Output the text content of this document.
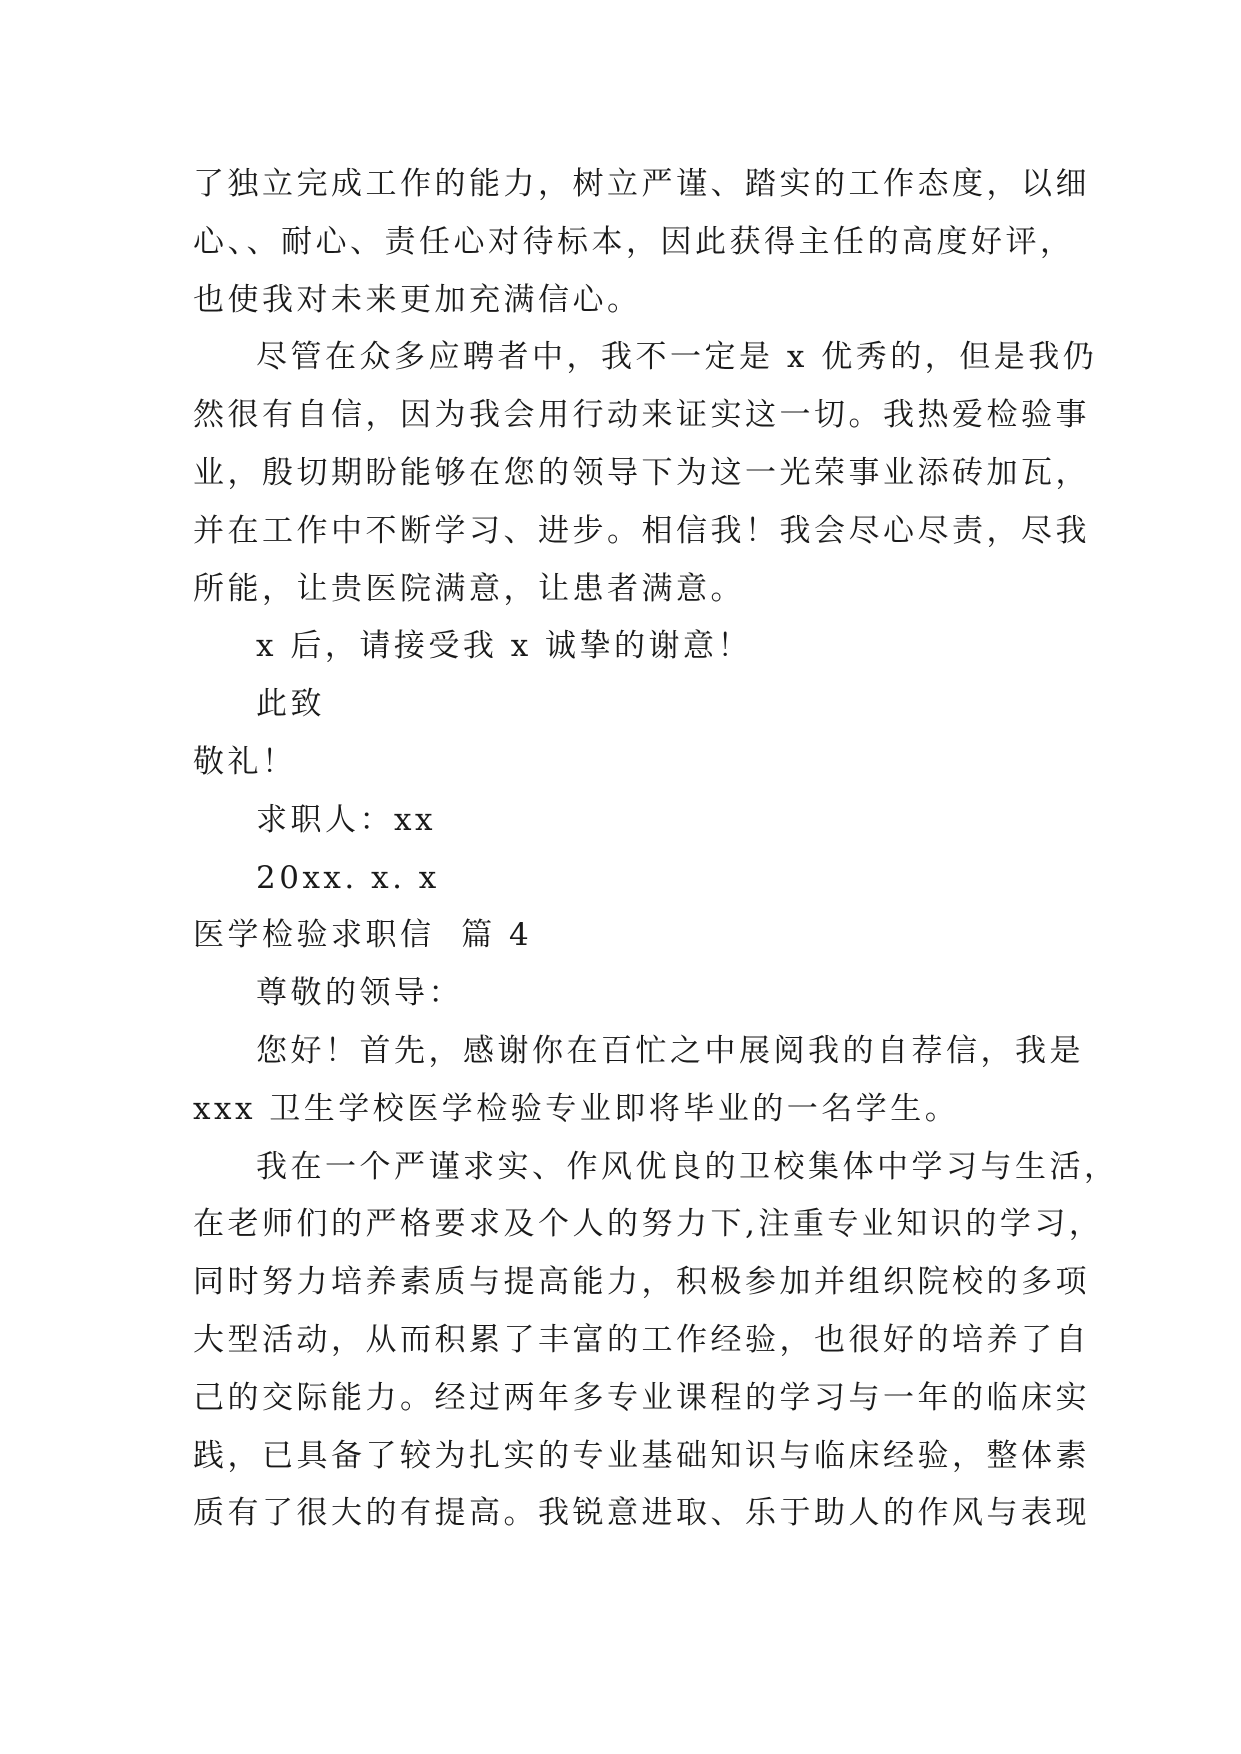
了独立完成工作的能力，树立严谨、踏实的工作态度，以细
心、、耐心、责任心对待标本，因此获得主任的高度好评，
也使我对未来更加充满信心。
尽管在众多应聘者中，我不一定是 x 优秀的，但是我仍
然很有自信，因为我会用行动来证实这一切。我热爱检验事
业，殷切期盼能够在您的领导下为这一光荣事业添砖加瓦，
并在工作中不断学习、进步。相信我！我会尽心尽责，尽我
所能，让贵医院满意，让患者满意。
x 后，请接受我 x 诚挚的谢意！
此致
敬礼！
求职人：xx
20xx. x. x
医学检验求职信  篇 4
尊敬的领导：
您好！首先，感谢你在百忙之中展阅我的自荐信，我是
xxx 卫生学校医学检验专业即将毕业的一名学生。
我在一个严谨求实、作风优良的卫校集体中学习与生活，
在老师们的严格要求及个人的努力下,注重专业知识的学习，
同时努力培养素质与提高能力，积极参加并组织院校的多项
大型活动，从而积累了丰富的工作经验，也很好的培养了自
己的交际能力。经过两年多专业课程的学习与一年的临床实
践，已具备了较为扎实的专业基础知识与临床经验，整体素
质有了很大的有提高。我锐意进取、乐于助人的作风与表现
